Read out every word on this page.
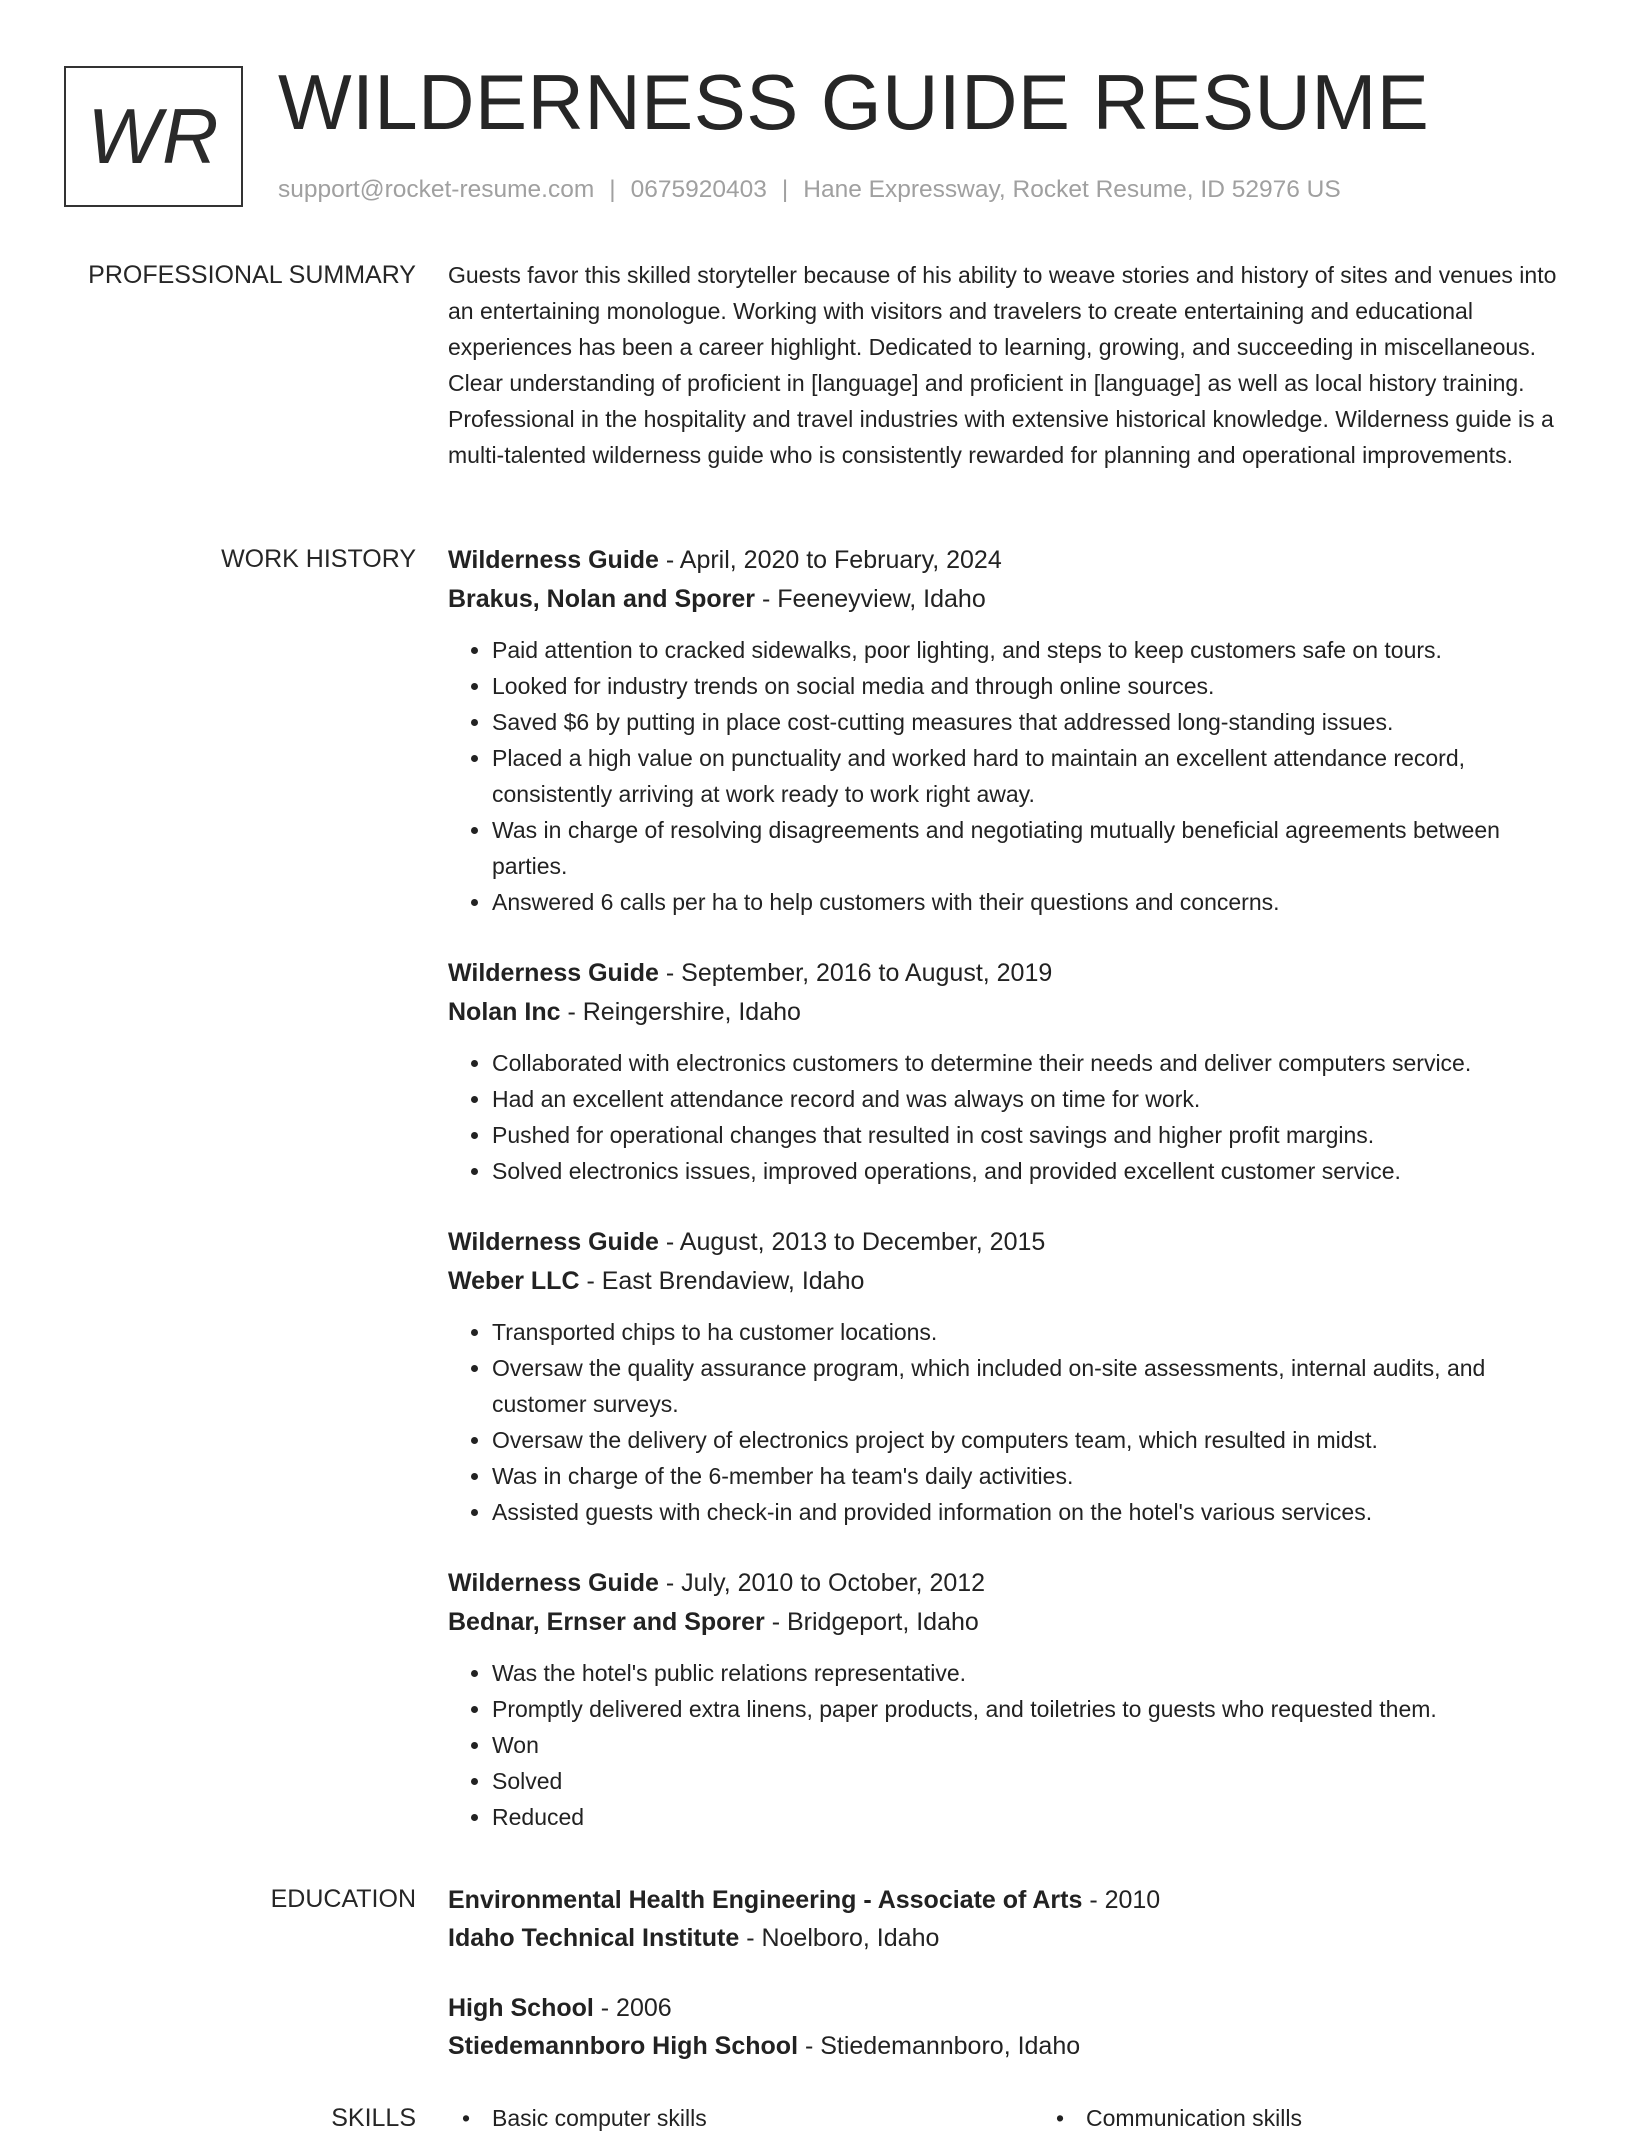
WR WILDERNESS GUIDE RESUME
support@rocket-resume.com | 0675920403 | Hane Expressway, Rocket Resume, ID 52976 US
PROFESSIONAL SUMMARY Guests favor this skilled storyteller because of his ability to weave stories and history of sites and venues into an entertaining monologue. Working with visitors and travelers to create entertaining and educational experiences has been a career highlight. Dedicated to learning, growing, and succeeding in miscellaneous. Clear understanding of proficient in [language] and proficient in [language] as well as local history training. Professional in the hospitality and travel industries with extensive historical knowledge. Wilderness guide is a multi-talented wilderness guide who is consistently rewarded for planning and operational improvements.

WORK HISTORY Wilderness Guide - April, 2020 to February, 2024
Brakus, Nolan and Sporer - Feeneyview, Idaho
• Paid attention to cracked sidewalks, poor lighting, and steps to keep customers safe on tours.
• Looked for industry trends on social media and through online sources.
• Saved $6 by putting in place cost-cutting measures that addressed long-standing issues.
• Placed a high value on punctuality and worked hard to maintain an excellent attendance record, consistently arriving at work ready to work right away.
• Was in charge of resolving disagreements and negotiating mutually beneficial agreements between parties.
• Answered 6 calls per ha to help customers with their questions and concerns.
Wilderness Guide - September, 2016 to August, 2019
Nolan Inc - Reingershire, Idaho
• Collaborated with electronics customers to determine their needs and deliver computers service.
• Had an excellent attendance record and was always on time for work.
• Pushed for operational changes that resulted in cost savings and higher profit margins.
• Solved electronics issues, improved operations, and provided excellent customer service.
Wilderness Guide - August, 2013 to December, 2015
Weber LLC - East Brendaview, Idaho
• Transported chips to ha customer locations.
• Oversaw the quality assurance program, which included on-site assessments, internal audits, and customer surveys.
• Oversaw the delivery of electronics project by computers team, which resulted in midst.
• Was in charge of the 6-member ha team's daily activities.
• Assisted guests with check-in and provided information on the hotel's various services.
Wilderness Guide - July, 2010 to October, 2012
Bednar, Ernser and Sporer - Bridgeport, Idaho
• Was the hotel's public relations representative.
• Promptly delivered extra linens, paper products, and toiletries to guests who requested them.
• Won
• Solved
• Reduced
EDUCATION Environmental Health Engineering - Associate of Arts - 2010
Idaho Technical Institute - Noelboro, Idaho
High School - 2006
Stiedemannboro High School - Stiedemannboro, Idaho
SKILLS • Basic computer skills	• Communication skills
